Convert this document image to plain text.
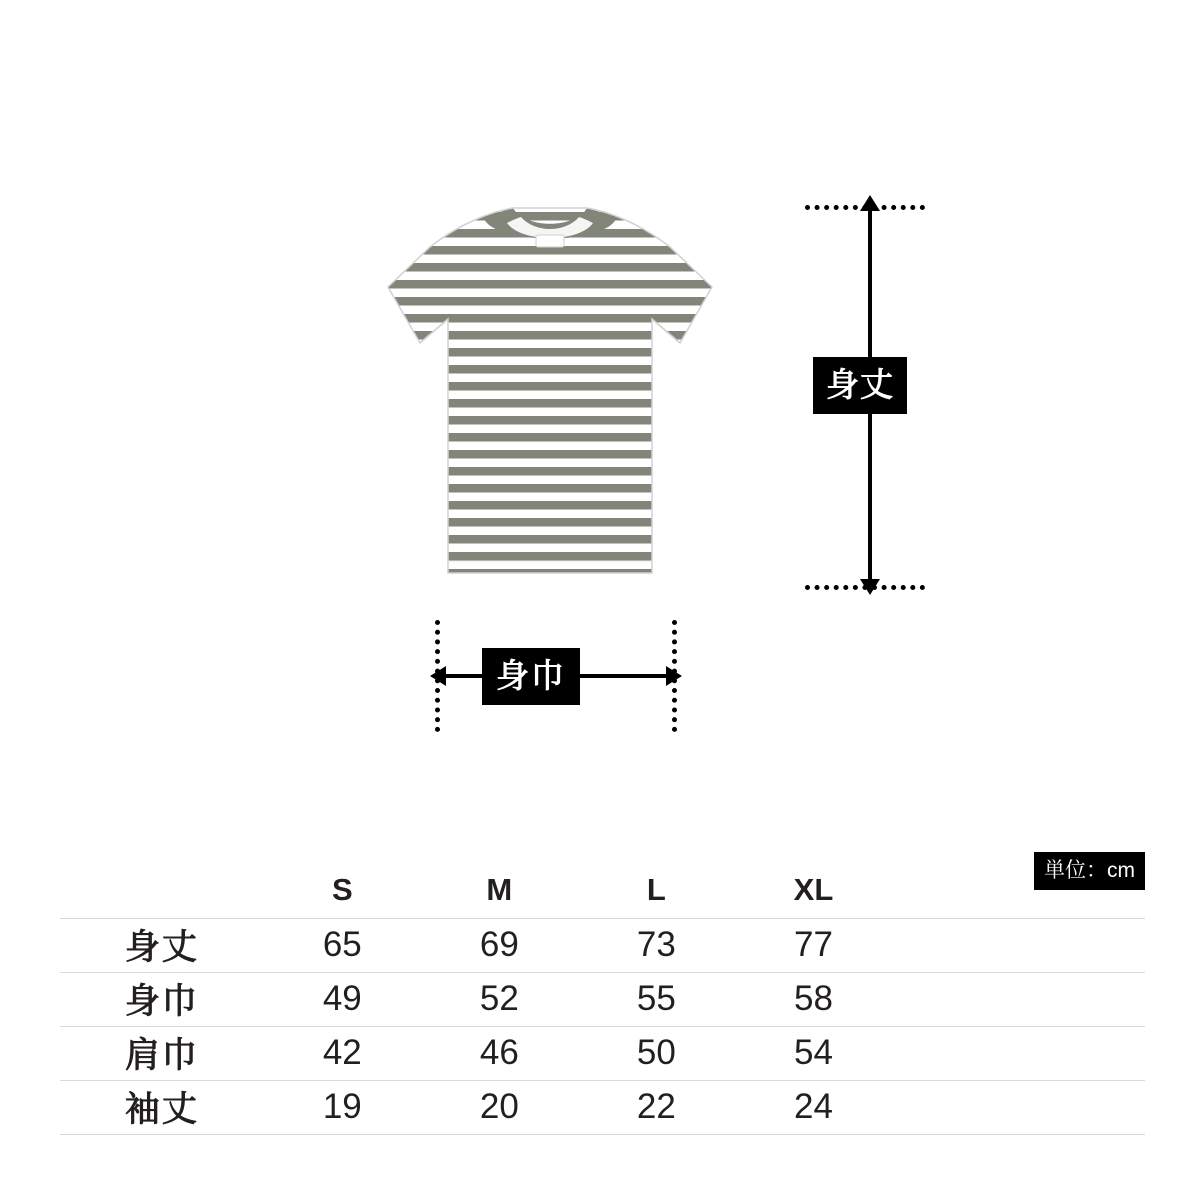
身丈
身巾
単位：cm
	S	M	L	XL	
身丈	65	69	73	77	
身巾	49	52	55	58	
肩巾	42	46	50	54	
袖丈	19	20	22	24	
